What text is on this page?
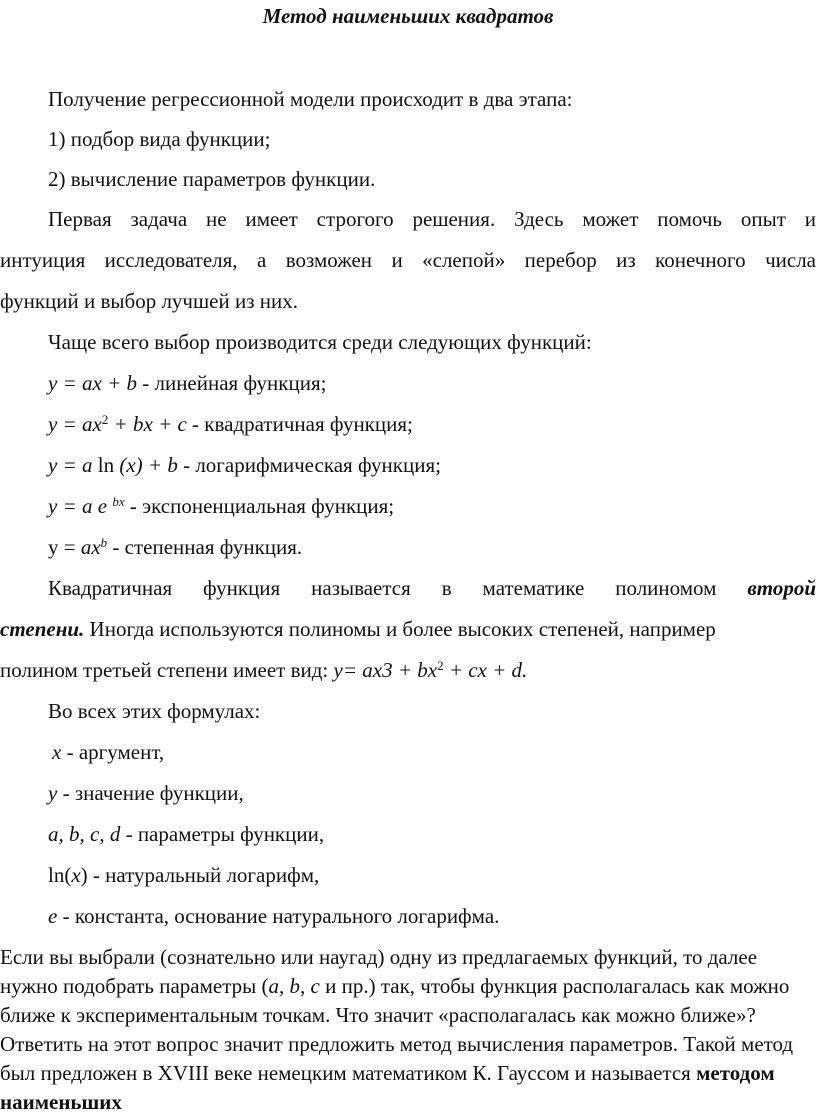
Метод наименьших квадратов
Получение регрессионной модели происходит в два этапа:
1) подбор вида функции;
2) вычисление параметров функции.
Первая задача не имеет строгого решения. Здесь может помочь опыт и
интуиция исследователя, а возможен и «слепой» перебор из конечного числа
функций и выбор лучшей из них.
Чаще всего выбор производится среди следующих функций:
y = ax + b - линейная функция;
$y = ax^2$ + bx + c - квадратичная функция;
y = a ln (x) + b - логарифмическая функция;
y = a e $^{bx}$ - экспоненциальная функция;
$y = ax^b$ - степенная функция.
Квадратичная функция называется в математике полиномом второй
степени. Иногда используются полиномы и более высоких степеней, например
полином третьей степени имеет вид: $y= ax3 + bx^2$ + cx + d.
Во всех этих формулах:
x - аргумент,
y - значение функции,
a, b, c, d - параметры функции,
ln(x) - натуральный логарифм,
e - константа, основание натурального логарифма.
Если вы выбрали (сознательно или наугад) одну из предлагаемых функций, то далее нужно подобрать параметры (a, b, c и пр.) так, чтобы функция располагалась как можно ближе к экспериментальным точкам. Что значит «располагалась как можно ближе»? Ответить на этот вопрос значит предложить метод вычисления параметров. Такой метод был предложен в XVIII веке немецким математиком К. Гауссом и называется методом наименьших
